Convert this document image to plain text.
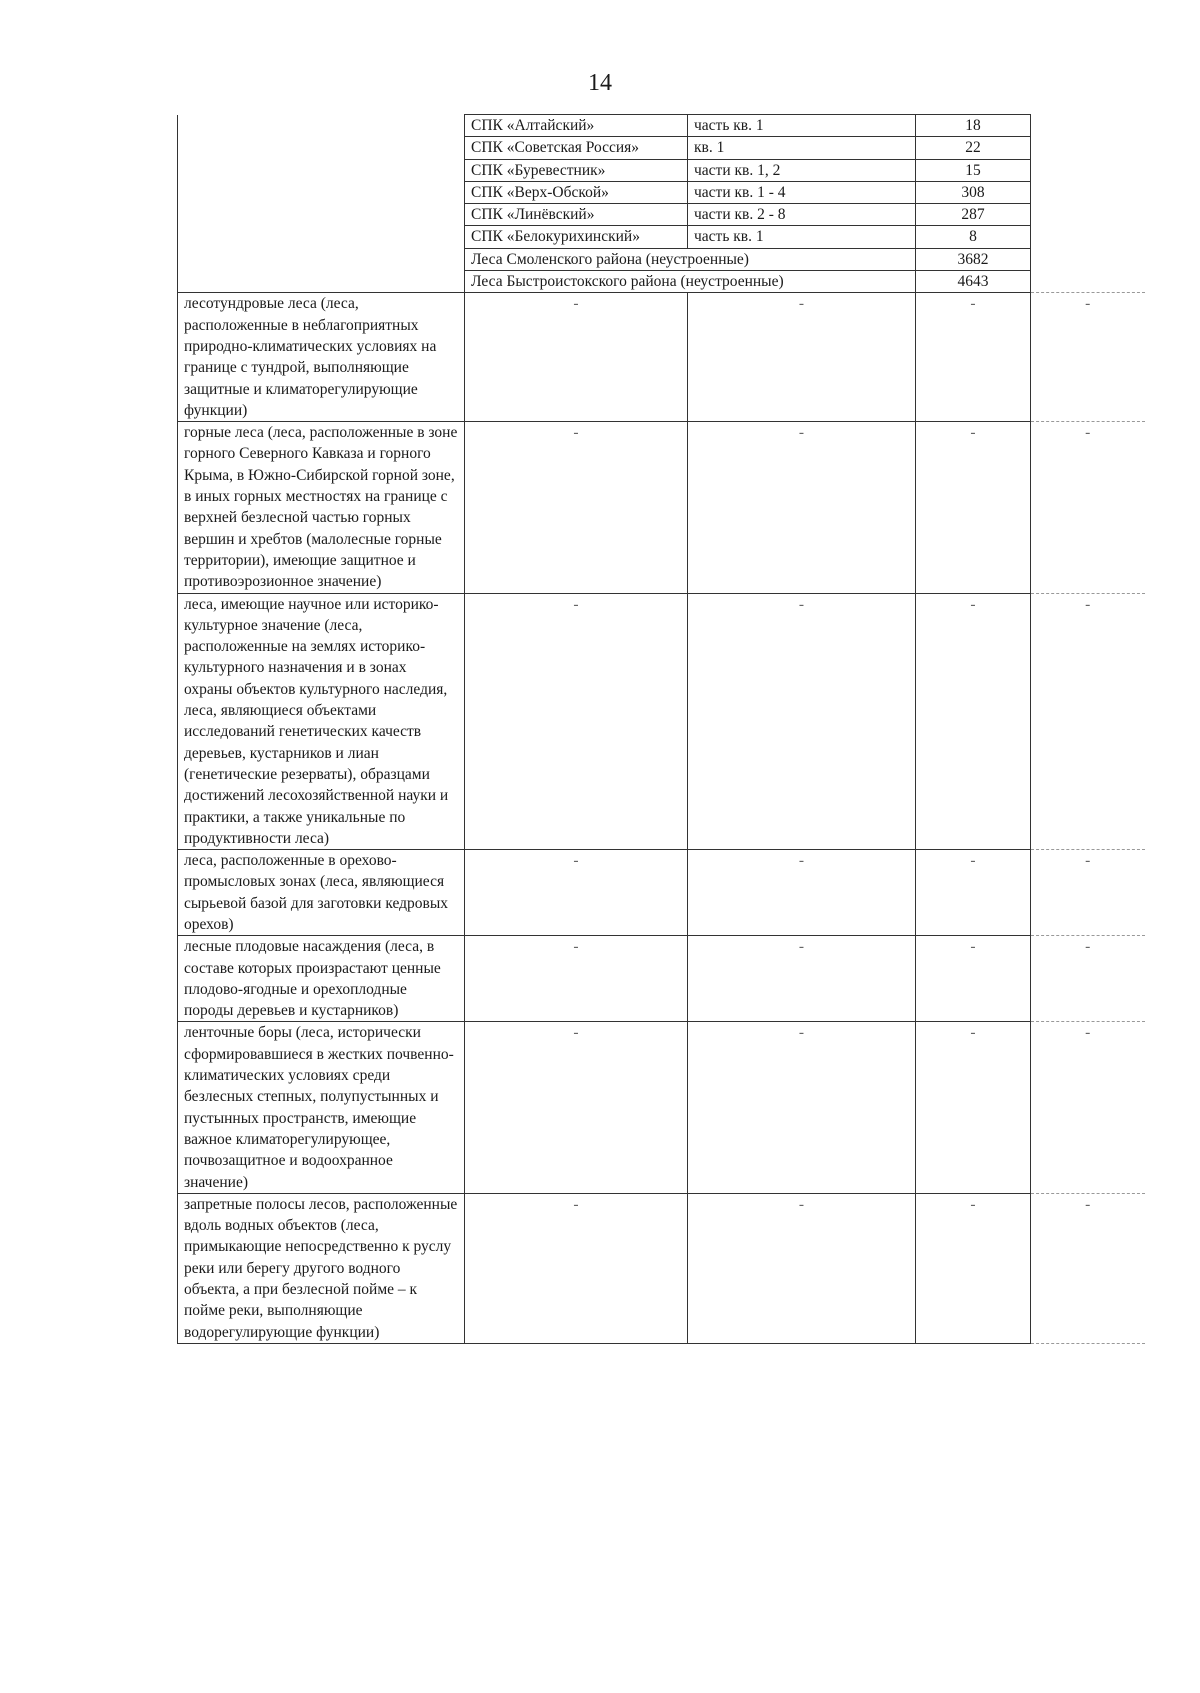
14
	СПК «Алтайский»	часть кв. 1	18	
	СПК «Советская Россия»	кв. 1	22	
	СПК «Буревестник»	части кв. 1, 2	15	
	СПК «Верх-Обской»	части кв. 1 - 4	308	
	СПК «Линёвский»	части кв. 2 - 8	287	
	СПК «Белокурихинский»	часть кв. 1	8	
	Леса Смоленского района (неустроенные)		3682	
	Леса Быстроистокского района (неустроенные)		4643	
лесотундровые леса (леса, расположенные в неблагоприятных природно-климатических условиях на границе с тундрой, выполняющие защитные и климаторегулирующие функции)	-	-	-	-
горные леса (леса, расположенные в зоне горного Северного Кавказа и горного Крыма, в Южно-Сибирской горной зоне, в иных горных местностях на границе с верхней безлесной частью горных вершин и хребтов (малолесные горные территории), имеющие защитное и противоэрозионное значение)	-	-	-	-
леса, имеющие научное или историко-культурное значение (леса, расположенные на землях историко-культурного назначения и в зонах охраны объектов культурного наследия, леса, являющиеся объектами исследований генетических качеств деревьев, кустарников и лиан (генетические резерваты), образцами достижений лесохозяйственной науки и практики, а также уникальные по продуктивности леса)	-	-	-	-
леса, расположенные в орехово-промысловых зонах (леса, являющиеся сырьевой базой для заготовки кедровых орехов)	-	-	-	-
лесные плодовые насаждения (леса, в составе которых произрастают ценные плодово-ягодные и орехоплодные породы деревьев и кустарников)	-	-	-	-
ленточные боры (леса, исторически сформировавшиеся в жестких почвенно-климатических условиях среди безлесных степных, полупустынных и пустынных пространств, имеющие важное климаторегулирующее, почвозащитное и водоохранное значение)	-	-	-	-
запретные полосы лесов, расположенные вдоль водных объектов (леса, примыкающие непосредственно к руслу реки или берегу другого водного объекта, а при безлесной пойме – к пойме реки, выполняющие водорегулирующие функции)	-	-	-	-
